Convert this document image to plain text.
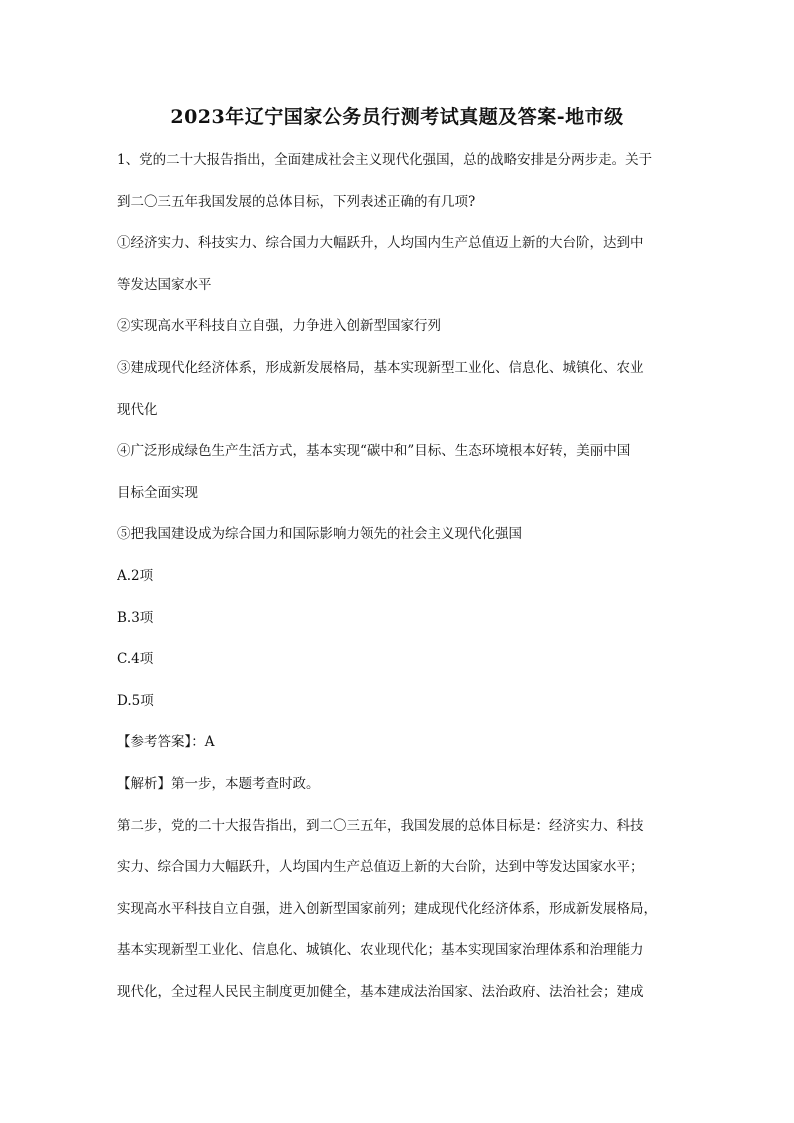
2023年辽宁国家公务员行测考试真题及答案-地市级
1、党的二十大报告指出，全面建成社会主义现代化强国，总的战略安排是分两步走。关于
到二〇三五年我国发展的总体目标，下列表述正确的有几项?
①经济实力、科技实力、综合国力大幅跃升，人均国内生产总值迈上新的大台阶，达到中
等发达国家水平
②实现高水平科技自立自强，力争进入创新型国家行列
③建成现代化经济体系，形成新发展格局，基本实现新型工业化、信息化、城镇化、农业
现代化
④广泛形成绿色生产生活方式，基本实现“碳中和”目标、生态环境根本好转，美丽中国
目标全面实现
⑤把我国建设成为综合国力和国际影响力领先的社会主义现代化强国
A.2项
B.3项
C.4项
D.5项
【参考答案】：A
【解析】第一步，本题考查时政。
第二步，党的二十大报告指出，到二〇三五年，我国发展的总体目标是：经济实力、科技
实力、综合国力大幅跃升，人均国内生产总值迈上新的大台阶，达到中等发达国家水平；
实现高水平科技自立自强，进入创新型国家前列；建成现代化经济体系，形成新发展格局，
基本实现新型工业化、信息化、城镇化、农业现代化；基本实现国家治理体系和治理能力
现代化，全过程人民民主制度更加健全，基本建成法治国家、法治政府、法治社会；建成
